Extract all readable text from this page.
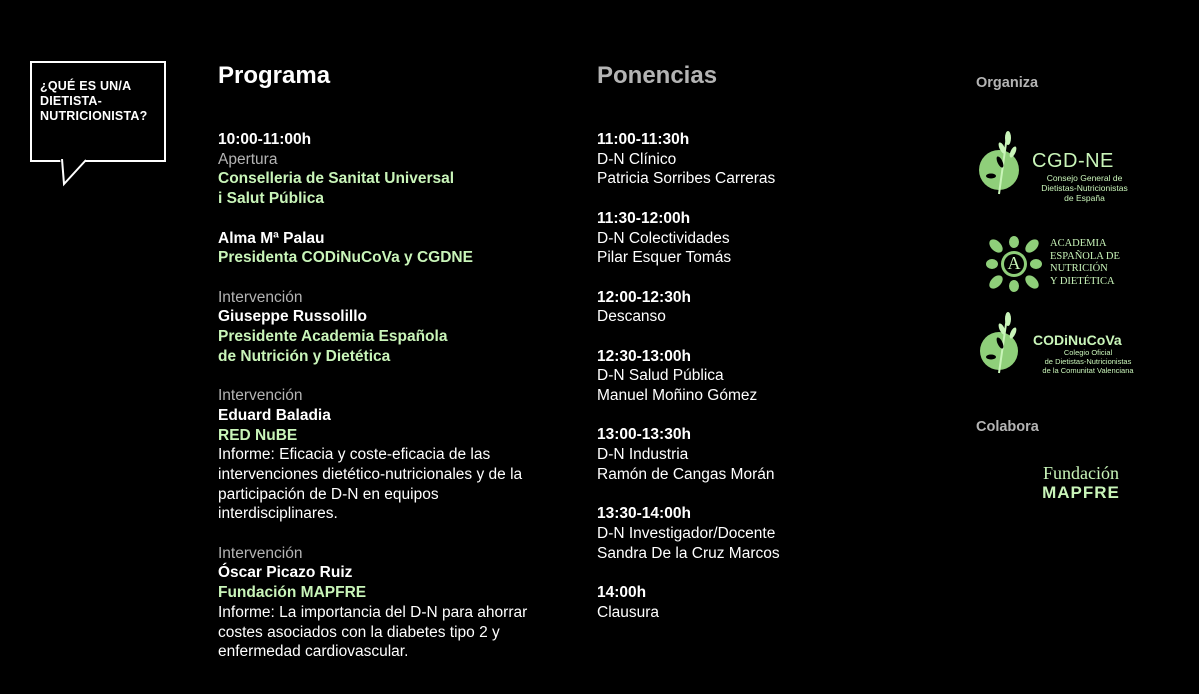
¿QUÉ ES UN/A
DIETISTA-
NUTRICIONISTA?
Programa

10:00-11:00h

Apertura

Conselleria de Sanitat Universal

i Salut Pública

Alma Mª Palau

Presidenta CODiNuCoVa y CGDNE

Intervención

Giuseppe Russolillo

Presidente Academia Española

de Nutrición y Dietética

Intervención

Eduard Baladia

RED NuBE

Informe: Eficacia y coste-eficacia de las

intervenciones dietético-nutricionales y de la

participación de D-N en equipos

interdisciplinares.

Intervención

Óscar Picazo Ruiz

Fundación MAPFRE

Informe: La importancia del D-N para ahorrar

costes asociados con la diabetes tipo 2 y

enfermedad cardiovascular.

Ponencias

11:00-11:30h

D-N Clínico

Patricia Sorribes Carreras

11:30-12:00h

D-N Colectividades

Pilar Esquer Tomás

12:00-12:30h

Descanso

12:30-13:00h

D-N Salud Pública

Manuel Moñino Gómez

13:00-13:30h

D-N Industria

Ramón de Cangas Morán

13:30-14:00h

D-N Investigador/Docente

Sandra De la Cruz Marcos

14:00h

Clausura

Organiza
CGD-NE
Consejo General de
Dietistas-Nutricionistas
de España
A
ACADEMIA
ESPAÑOLA DE
NUTRICIÓN
Y DIETÉTICA
CODiNuCoVa
Colegio Oficial
de Dietistas-Nutricionistas
de la Comunitat Valenciana
Colabora
Fundación
MAPFRE
